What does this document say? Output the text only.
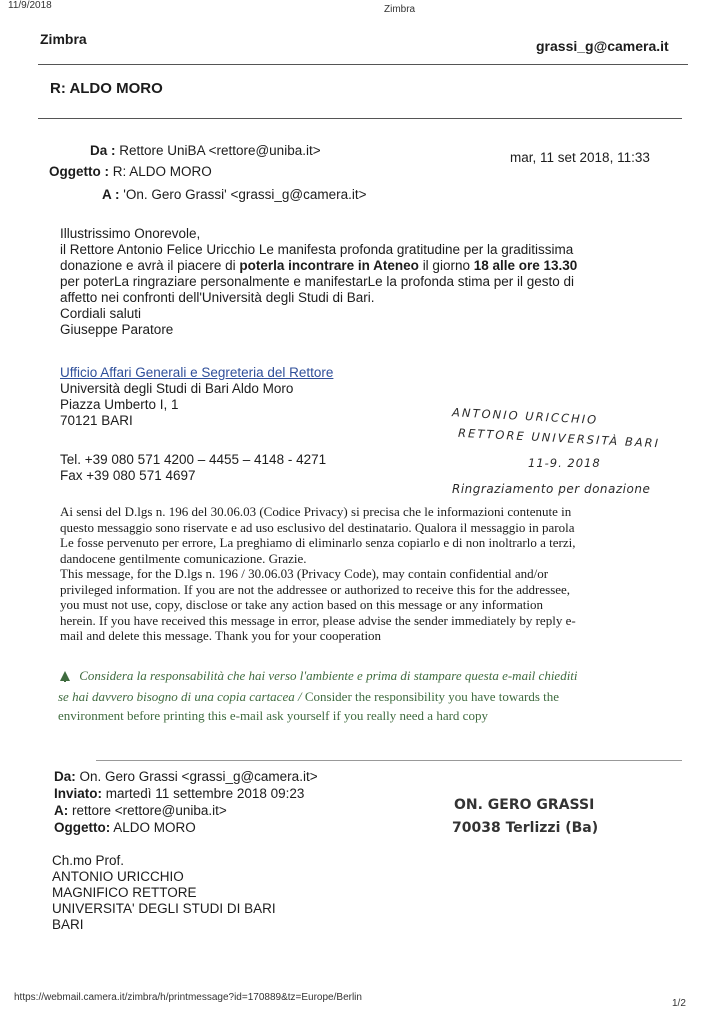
11/9/2018	Zimbra
Zimbra	grassi_g@camera.it
R: ALDO MORO
Da : Rettore UniBA <rettore@uniba.it>	mar, 11 set 2018, 11:33
Oggetto : R: ALDO MORO
A : 'On. Gero Grassi' <grassi_g@camera.it>
Illustrissimo Onorevole,
il Rettore Antonio Felice Uricchio Le manifesta profonda gratitudine per la graditissima
donazione e avrà il piacere di poterla incontrare in Ateneo il giorno 18 alle ore 13.30
per poterLa ringraziare personalmente e manifestarLe la profonda stima per il gesto di
affetto nei confronti dell'Università degli Studi di Bari.
Cordiali saluti
Giuseppe Paratore
Ufficio Affari Generali e Segreteria del Rettore
Università degli Studi di Bari Aldo Moro
Piazza Umberto I, 1
70121 BARI
Tel. +39 080 571 4200 – 4455 – 4148 - 4271
Fax +39 080 571 4697
ANTONIO URICCHIO
RETTORE UNIVERSITÀ BARI
11-9. 2018
Ringraziamento per donazione
Ai sensi del D.lgs n. 196 del 30.06.03 (Codice Privacy) si precisa che le informazioni contenute in
questo messaggio sono riservate e ad uso esclusivo del destinatario. Qualora il messaggio in parola
Le fosse pervenuto per errore, La preghiamo di eliminarlo senza copiarlo e di non inoltrarlo a terzi,
dandocene gentilmente comunicazione. Grazie.
This message, for the D.lgs n. 196 / 30.06.03 (Privacy Code), may contain confidential and/or
privileged information. If you are not the addressee or authorized to receive this for the addressee,
you must not use, copy, disclose or take any action based on this message or any information
herein. If you have received this message in error, please advise the sender immediately by reply e-
mail and delete this message. Thank you for your cooperation
Considera la responsabilità che hai verso l'ambiente e prima di stampare questa e-mail chiediti
se hai davvero bisogno di una copia cartacea / Consider the responsibility you have towards the
environment before printing this e-mail ask yourself if you really need a hard copy
Da: On. Gero Grassi <grassi_g@camera.it>
Inviato: martedì 11 settembre 2018 09:23
A: rettore <rettore@uniba.it>
Oggetto: ALDO MORO
ON. GERO GRASSI
70038 Terlizzi (Ba)
Ch.mo Prof.
ANTONIO URICCHIO
MAGNIFICO RETTORE
UNIVERSITA' DEGLI STUDI DI BARI
BARI
https://webmail.camera.it/zimbra/h/printmessage?id=170889&tz=Europe/Berlin
1/2
